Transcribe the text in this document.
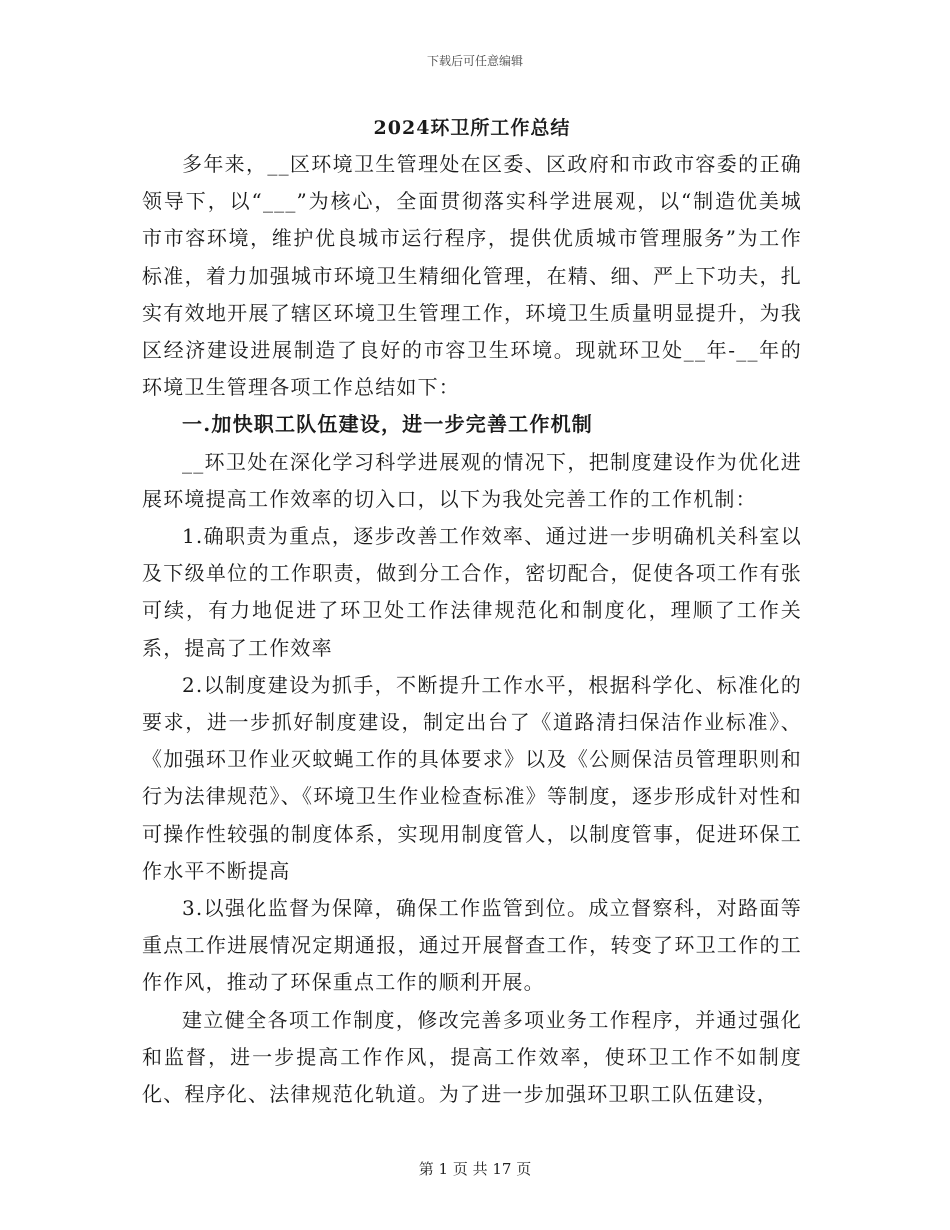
下载后可任意编辑
2024环卫所工作总结

多年来，__区环境卫生管理处在区委、区政府和市政市容委的正确领导下，以“___”为核心，全面贯彻落实科学进展观，以“制造优美城市市容环境，维护优良城市运行程序，提供优质城市管理服务”为工作标准，着力加强城市环境卫生精细化管理，在精、细、严上下功夫，扎实有效地开展了辖区环境卫生管理工作，环境卫生质量明显提升，为我区经济建设进展制造了良好的市容卫生环境。现就环卫处__年-__年的环境卫生管理各项工作总结如下：

一.加快职工队伍建设，进一步完善工作机制

__环卫处在深化学习科学进展观的情况下，把制度建设作为优化进展环境提高工作效率的切入口，以下为我处完善工作的工作机制：

1.确职责为重点，逐步改善工作效率、通过进一步明确机关科室以及下级单位的工作职责，做到分工合作，密切配合，促使各项工作有张可续，有力地促进了环卫处工作法律规范化和制度化，理顺了工作关系，提高了工作效率

2.以制度建设为抓手，不断提升工作水平，根据科学化、标准化的要求，进一步抓好制度建设，制定出台了《道路清扫保洁作业标准》、《加强环卫作业灭蚊蝇工作的具体要求》以及《公厕保洁员管理职则和行为法律规范》、《环境卫生作业检查标准》等制度，逐步形成针对性和可操作性较强的制度体系，实现用制度管人，以制度管事，促进环保工作水平不断提高

3.以强化监督为保障，确保工作监管到位。成立督察科，对路面等重点工作进展情况定期通报，通过开展督查工作，转变了环卫工作的工作作风，推动了环保重点工作的顺利开展。

建立健全各项工作制度，修改完善多项业务工作程序，并通过强化和监督，进一步提高工作作风，提高工作效率，使环卫工作不如制度化、程序化、法律规范化轨道。为了进一步加强环卫职工队伍建设，

第 1 页 共 17 页
